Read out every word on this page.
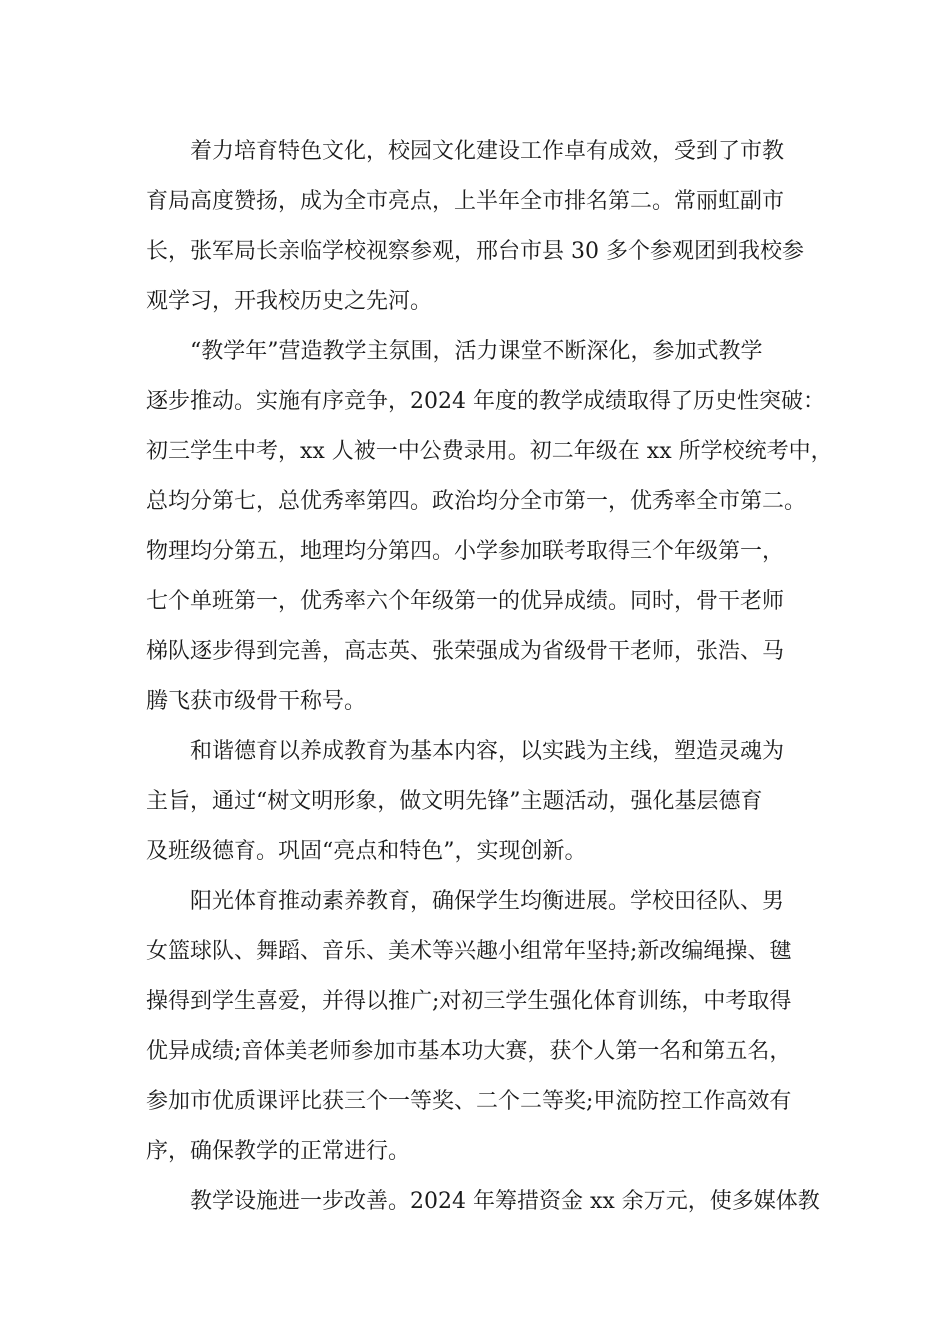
着力培育特色文化，校园文化建设工作卓有成效，受到了市教
育局高度赞扬，成为全市亮点，上半年全市排名第二。常丽虹副市
长，张军局长亲临学校视察参观，邢台市县 30 多个参观团到我校参
观学习，开我校历史之先河。
“教学年”营造教学主氛围，活力课堂不断深化，参加式教学
逐步推动。实施有序竞争，2024 年度的教学成绩取得了历史性突破：
初三学生中考，xx 人被一中公费录用。初二年级在 xx 所学校统考中，
总均分第七，总优秀率第四。政治均分全市第一，优秀率全市第二。
物理均分第五，地理均分第四。小学参加联考取得三个年级第一，
七个单班第一，优秀率六个年级第一的优异成绩。同时，骨干老师
梯队逐步得到完善，高志英、张荣强成为省级骨干老师，张浩、马
腾飞获市级骨干称号。
和谐德育以养成教育为基本内容，以实践为主线，塑造灵魂为
主旨，通过“树文明形象，做文明先锋”主题活动，强化基层德育
及班级德育。巩固“亮点和特色”，实现创新。
阳光体育推动素养教育，确保学生均衡进展。学校田径队、男
女篮球队、舞蹈、音乐、美术等兴趣小组常年坚持;新改编绳操、毽
操得到学生喜爱，并得以推广;对初三学生强化体育训练，中考取得
优异成绩;音体美老师参加市基本功大赛，获个人第一名和第五名，
参加市优质课评比获三个一等奖、二个二等奖;甲流防控工作高效有
序，确保教学的正常进行。
教学设施进一步改善。2024 年筹措资金 xx 余万元，使多媒体教
